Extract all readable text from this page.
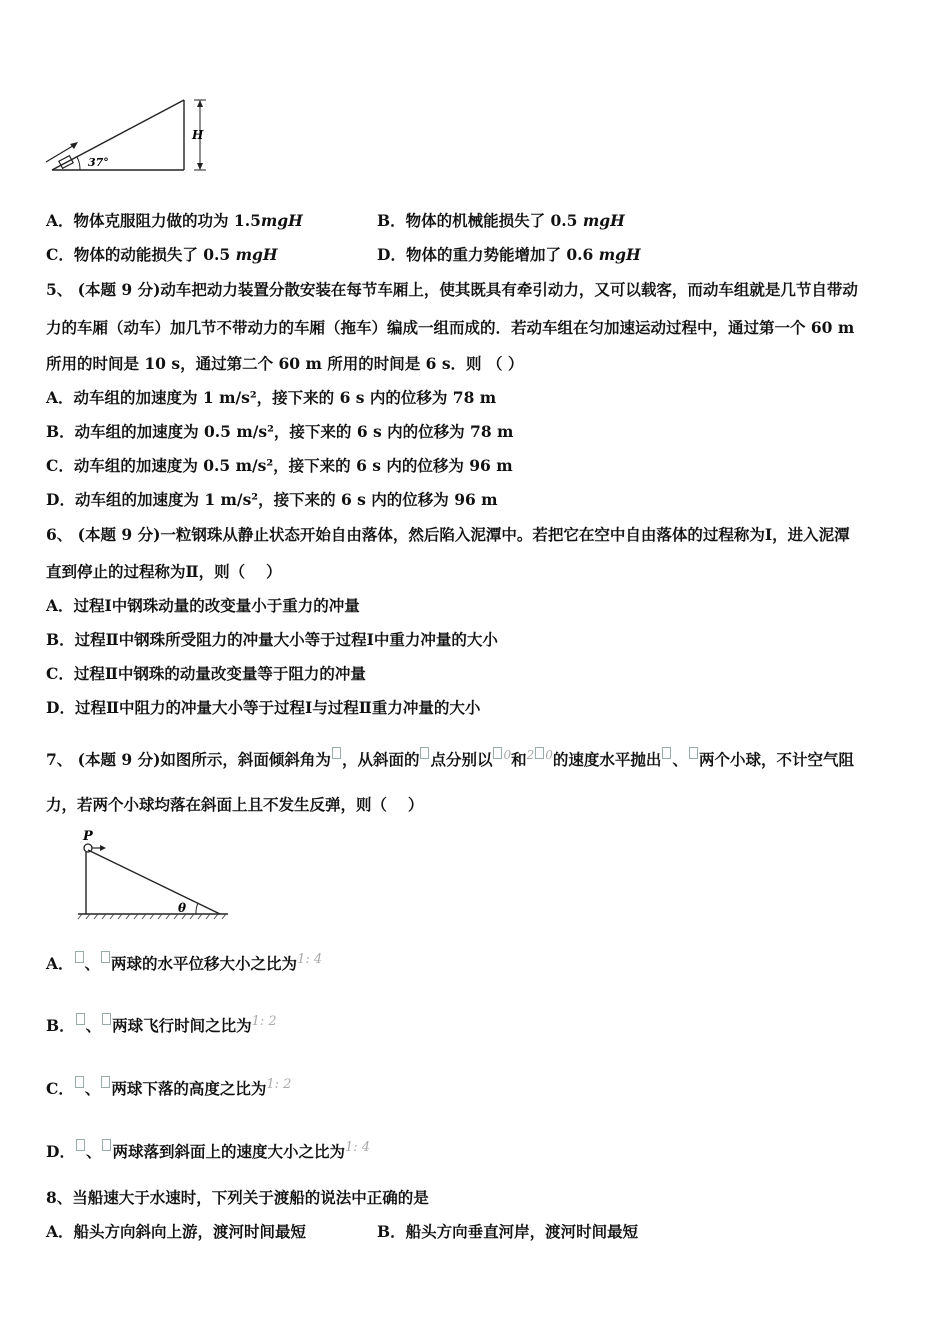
37°
H
A．物体克服阻力做的功为 1.5mgH	B．物体的机械能损失了 0.5 mgH
C．物体的动能损失了 0.5 mgH	D．物体的重力势能增加了 0.6 mgH
5、 (本题 9 分)动车把动力装置分散安装在每节车厢上，使其既具有牵引动力，又可以载客，而动车组就是几节自带动
力的车厢（动车）加几节不带动力的车厢（拖车）编成一组而成的．若动车组在匀加速运动过程中，通过第一个 60 m
所用的时间是 10 s，通过第二个 60 m 所用的时间是 6 s．则 （ ）
A．动车组的加速度为 1 m/s²，接下来的 6 s 内的位移为 78 m
B．动车组的加速度为 0.5 m/s²，接下来的 6 s 内的位移为 78 m
C．动车组的加速度为 0.5 m/s²，接下来的 6 s 内的位移为 96 m
D．动车组的加速度为 1 m/s²，接下来的 6 s 内的位移为 96 m
6、 (本题 9 分)一粒钢珠从静止状态开始自由落体，然后陷入泥潭中。若把它在空中自由落体的过程称为Ⅰ，进入泥潭
直到停止的过程称为Ⅱ，则（　 ）
A．过程Ⅰ中钢珠动量的改变量小于重力的冲量
B．过程Ⅱ中钢珠所受阻力的冲量大小等于过程Ⅰ中重力冲量的大小
C．过程Ⅱ中钢珠的动量改变量等于阻力的冲量
D．过程Ⅱ中阻力的冲量大小等于过程Ⅰ与过程Ⅱ重力冲量的大小
7、 (本题 9 分)如图所示，斜面倾斜角为 ，从斜面的 点分别以 $^0$和$^2$ $^0$的速度水平抛出 、 两个小球，不计空气阻
力，若两个小球均落在斜面上且不发生反弹，则（　 ）
P
θ
A． 、 两球的水平位移大小之比为$^{1: 4}$
B． 、 两球飞行时间之比为$^{1: 2}$
C． 、 两球下落的高度之比为$^{1: 2}$
D． 、 两球落到斜面上的速度大小之比为$^{1: 4}$
8、当船速大于水速时，下列关于渡船的说法中正确的是
A．船头方向斜向上游，渡河时间最短	B．船头方向垂直河岸，渡河时间最短
